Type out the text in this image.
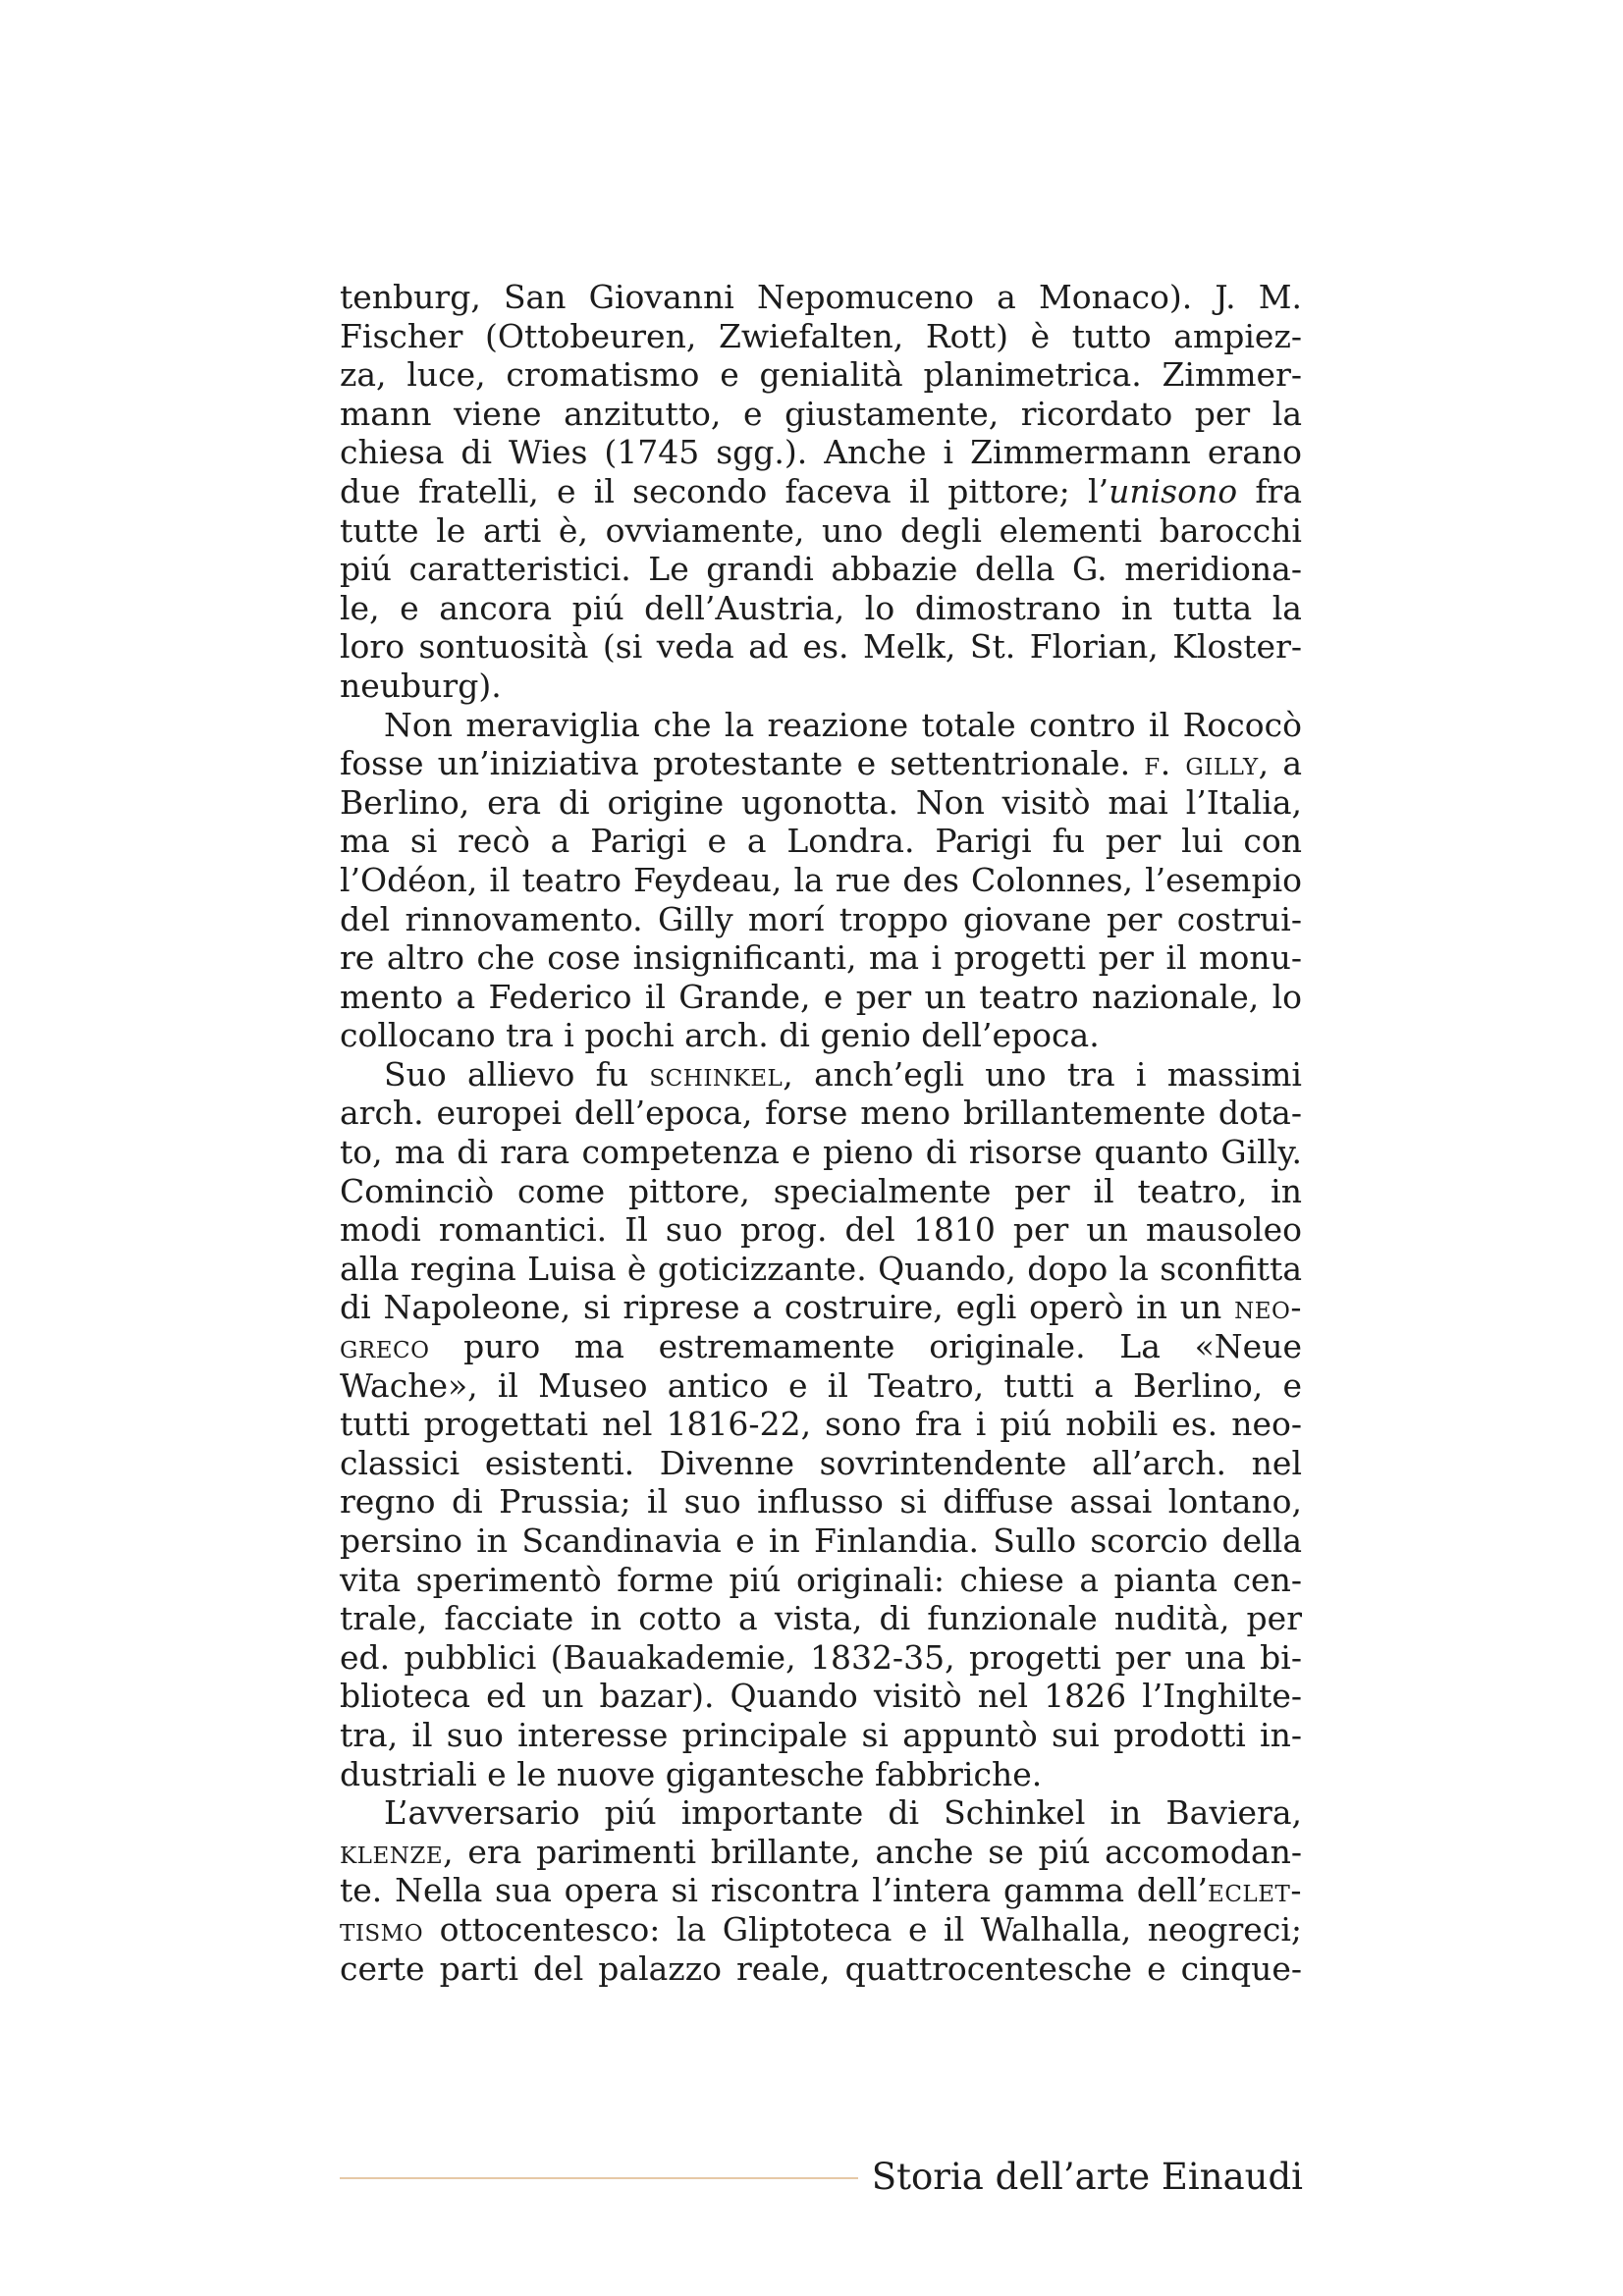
tenburg, San Giovanni Nepomuceno a Monaco). J. M.
Fischer (Ottobeuren, Zwiefalten, Rott) è tutto ampiez-
za, luce, cromatismo e genialità planimetrica. Zimmer-
mann viene anzitutto, e giustamente, ricordato per la
chiesa di Wies (1745 sgg.). Anche i Zimmermann erano
due fratelli, e il secondo faceva il pittore; l’unisono fra
tutte le arti è, ovviamente, uno degli elementi barocchi
piú caratteristici. Le grandi abbazie della G. meridiona-
le, e ancora piú dell’Austria, lo dimostrano in tutta la
loro sontuosità (si veda ad es. Melk, St. Florian, Kloster-
neuburg).
Non meraviglia che la reazione totale contro il Rococò
fosse un’iniziativa protestante e settentrionale. f. gilly, a
Berlino, era di origine ugonotta. Non visitò mai l’Italia,
ma si recò a Parigi e a Londra. Parigi fu per lui con
l’Odéon, il teatro Feydeau, la rue des Colonnes, l’esempio
del rinnovamento. Gilly morí troppo giovane per costrui-
re altro che cose insignificanti, ma i progetti per il monu-
mento a Federico il Grande, e per un teatro nazionale, lo
collocano tra i pochi arch. di genio dell’epoca.
Suo allievo fu schinkel, anch’egli uno tra i massimi
arch. europei dell’epoca, forse meno brillantemente dota-
to, ma di rara competenza e pieno di risorse quanto Gilly.
Cominciò come pittore, specialmente per il teatro, in
modi romantici. Il suo prog. del 1810 per un mausoleo
alla regina Luisa è goticizzante. Quando, dopo la sconfitta
di Napoleone, si riprese a costruire, egli operò in un neo-
greco puro ma estremamente originale. La «Neue
Wache», il Museo antico e il Teatro, tutti a Berlino, e
tutti progettati nel 1816-22, sono fra i piú nobili es. neo-
classici esistenti. Divenne sovrintendente all’arch. nel
regno di Prussia; il suo influsso si diffuse assai lontano,
persino in Scandinavia e in Finlandia. Sullo scorcio della
vita sperimentò forme piú originali: chiese a pianta cen-
trale, facciate in cotto a vista, di funzionale nudità, per
ed. pubblici (Bauakademie, 1832-35, progetti per una bi-
blioteca ed un bazar). Quando visitò nel 1826 l’Inghilte-
tra, il suo interesse principale si appuntò sui prodotti in-
dustriali e le nuove gigantesche fabbriche.
L’avversario piú importante di Schinkel in Baviera,
klenze, era parimenti brillante, anche se piú accomodan-
te. Nella sua opera si riscontra l’intera gamma dell’eclet-
tismo ottocentesco: la Gliptoteca e il Walhalla, neogreci;
certe parti del palazzo reale, quattrocentesche e cinque-
Storia dell’arte Einaudi
